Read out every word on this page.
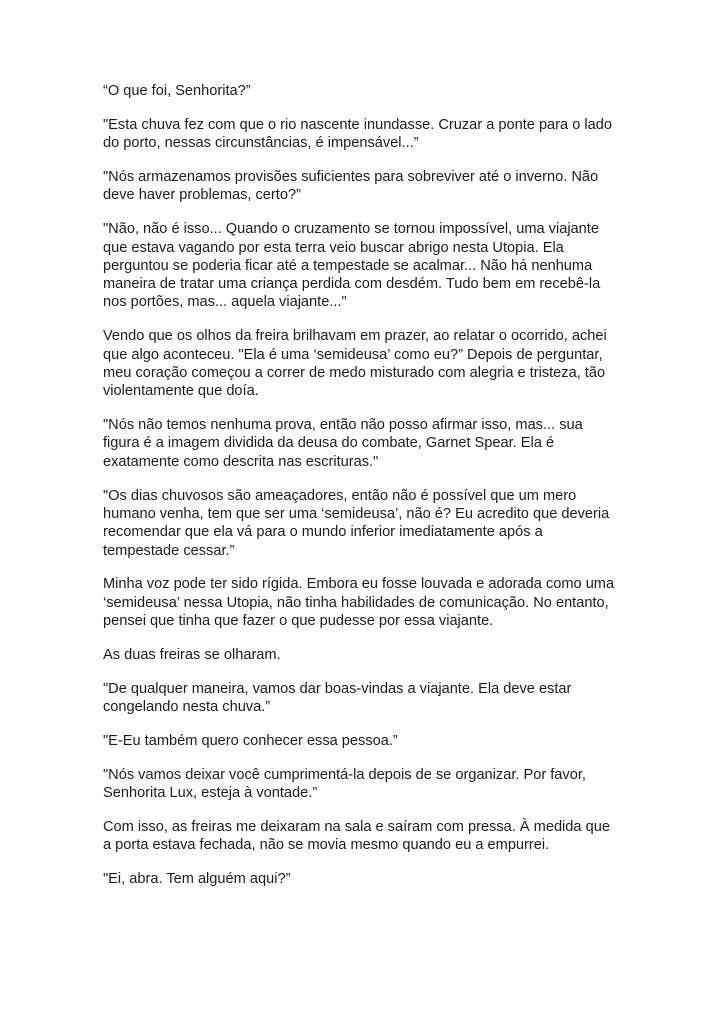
“O que foi, Senhorita?”

"Esta chuva fez com que o rio nascente inundasse. Cruzar a ponte para o lado
do porto, nessas circunstâncias, é impensável...”

"Nós armazenamos provisões suficientes para sobreviver até o inverno. Não
deve haver problemas, certo?”

"Não, não é isso... Quando o cruzamento se tornou impossível, uma viajante
que estava vagando por esta terra veio buscar abrigo nesta Utopia. Ela
perguntou se poderia ficar até a tempestade se acalmar... Não há nenhuma
maneira de tratar uma criança perdida com desdém. Tudo bem em recebê-la
nos portões, mas... aquela viajante..."

Vendo que os olhos da freira brilhavam em prazer, ao relatar o ocorrido, achei
que algo aconteceu. "Ela é uma ‘semideusa’ como eu?” Depois de perguntar,
meu coração começou a correr de medo misturado com alegria e tristeza, tão
violentamente que doía.

"Nós não temos nenhuma prova, então não posso afirmar isso, mas... sua
figura é a imagem dividida da deusa do combate, Garnet Spear. Ela é
exatamente como descrita nas escrituras."

"Os dias chuvosos são ameaçadores, então não é possível que um mero
humano venha, tem que ser uma ‘semideusa’, não é? Eu acredito que deveria
recomendar que ela vá para o mundo inferior imediatamente após a
tempestade cessar.”

Minha voz pode ter sido rígida. Embora eu fosse louvada e adorada como uma
‘semideusa’ nessa Utopia, não tinha habilidades de comunicação. No entanto,
pensei que tinha que fazer o que pudesse por essa viajante.

As duas freiras se olharam.

"De qualquer maneira, vamos dar boas-vindas a viajante. Ela deve estar
congelando nesta chuva.”

"E-Eu também quero conhecer essa pessoa.”

"Nós vamos deixar você cumprimentá-la depois de se organizar. Por favor,
Senhorita Lux, esteja à vontade.”

Com isso, as freiras me deixaram na sala e saíram com pressa. À medida que
a porta estava fechada, não se movia mesmo quando eu a empurrei.

"Ei, abra. Tem alguém aqui?”
